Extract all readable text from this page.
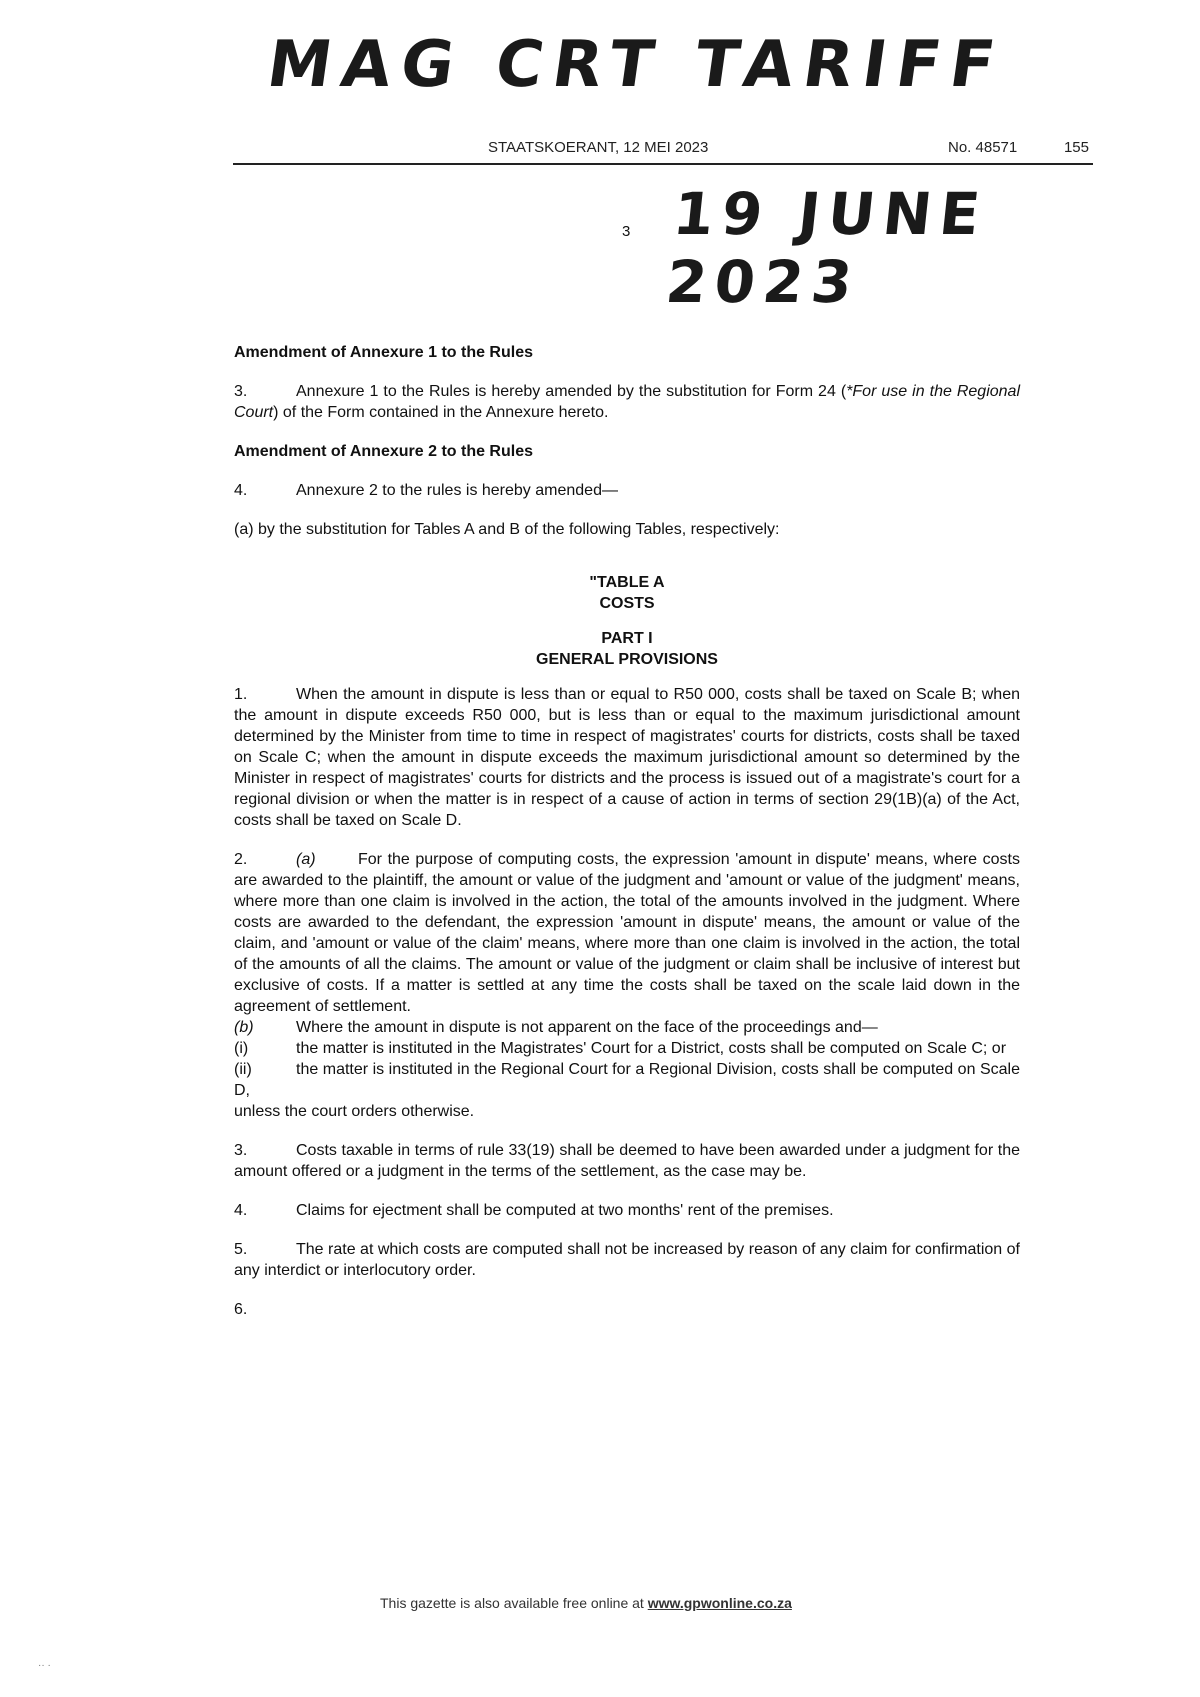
MAG CRT TARIFF
STAATSKOERANT, 12 MEI 2023	No. 48571	155
3 19 JUNE 2023

Amendment of Annexure 1 to the Rules

3.	Annexure 1 to the Rules is hereby amended by the substitution for Form 24 (*For use in the Regional Court) of the Form contained in the Annexure hereto.

Amendment of Annexure 2 to the Rules

4.	Annexure 2 to the rules is hereby amended—

(a) by the substitution for Tables A and B of the following Tables, respectively:

"TABLE A
COSTS
PART I
GENERAL PROVISIONS

1.	When the amount in dispute is less than or equal to R50 000, costs shall be taxed on Scale B; when the amount in dispute exceeds R50 000, but is less than or equal to the maximum jurisdictional amount determined by the Minister from time to time in respect of magistrates' courts for districts, costs shall be taxed on Scale C; when the amount in dispute exceeds the maximum jurisdictional amount so determined by the Minister in respect of magistrates' courts for districts and the process is issued out of a magistrate's court for a regional division or when the matter is in respect of a cause of action in terms of section 29(1B)(a) of the Act, costs shall be taxed on Scale D.

2.	(a)	For the purpose of computing costs, the expression 'amount in dispute' means, where costs are awarded to the plaintiff, the amount or value of the judgment and 'amount or value of the judgment' means, where more than one claim is involved in the action, the total of the amounts involved in the judgment. Where costs are awarded to the defendant, the expression 'amount in dispute' means, the amount or value of the claim, and 'amount or value of the claim' means, where more than one claim is involved in the action, the total of the amounts of all the claims. The amount or value of the judgment or claim shall be inclusive of interest but exclusive of costs. If a matter is settled at any time the costs shall be taxed on the scale laid down in the agreement of settlement.

(b)	Where the amount in dispute is not apparent on the face of the proceedings and—

(i)	the matter is instituted in the Magistrates' Court for a District, costs shall be computed on Scale C; or

(ii)	the matter is instituted in the Regional Court for a Regional Division, costs shall be computed on Scale D,

unless the court orders otherwise.

3.	Costs taxable in terms of rule 33(19) shall be deemed to have been awarded under a judgment for the amount offered or a judgment in the terms of the settlement, as the case may be.

4.	Claims for ejectment shall be computed at two months' rent of the premises.

5.	The rate at which costs are computed shall not be increased by reason of any claim for confirmation of any interdict or interlocutory order.

6.

This gazette is also available free online at www.gpwonline.co.za
·· ·
